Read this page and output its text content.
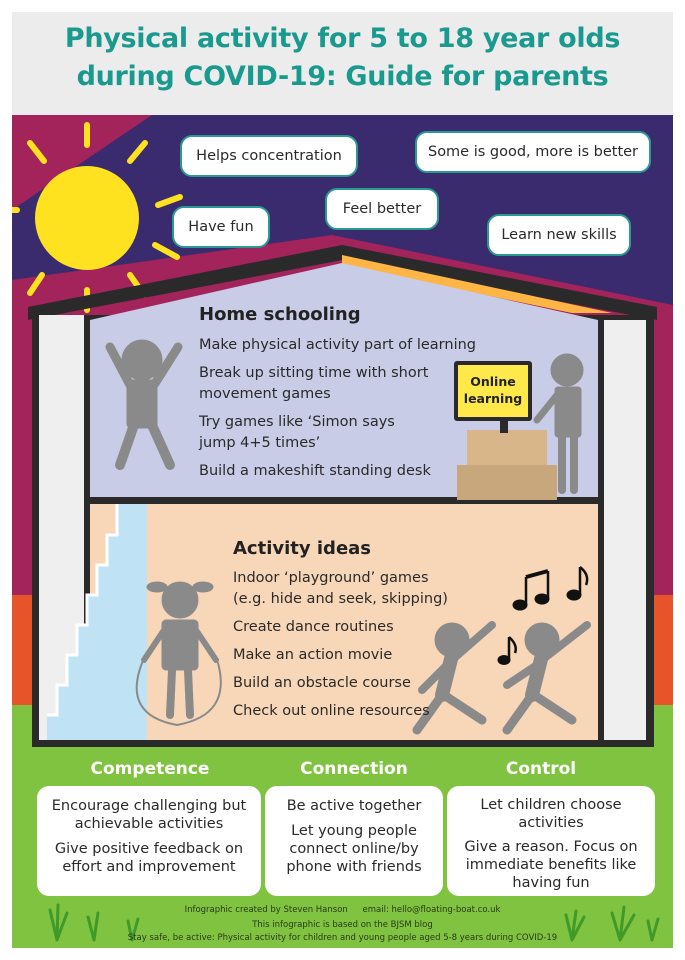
Physical activity for 5 to 18 year olds
during COVID-19: Guide for parents
Helps concentration	Some is good, more is better
Have fun
Feel better
Learn new skills
Home schooling
Make physical activity part of learning
Break up sitting time with short
movement games
Try games like ‘Simon says
jump 4+5 times’
Build a makeshift standing desk
Online
learning
Activity ideas
Indoor ‘playground’ games
(e.g. hide and seek, skipping)
Create dance routines
Make an action movie
Build an obstacle course
Check out online resources
Competence	Connection	Control
Encourage challenging but
achievable activities
Give positive feedback on
effort and improvement
Be active together
Let young people
connect online/by
phone with friends
Let children choose
activities
Give a reason. Focus on
immediate benefits like
having fun
Infographic created by Steven Hanson email: hello@floating-boat.co.uk
This infographic is based on the BJSM blog
Stay safe, be active: Physical activity for children and young people aged 5-8 years during COVID-19
